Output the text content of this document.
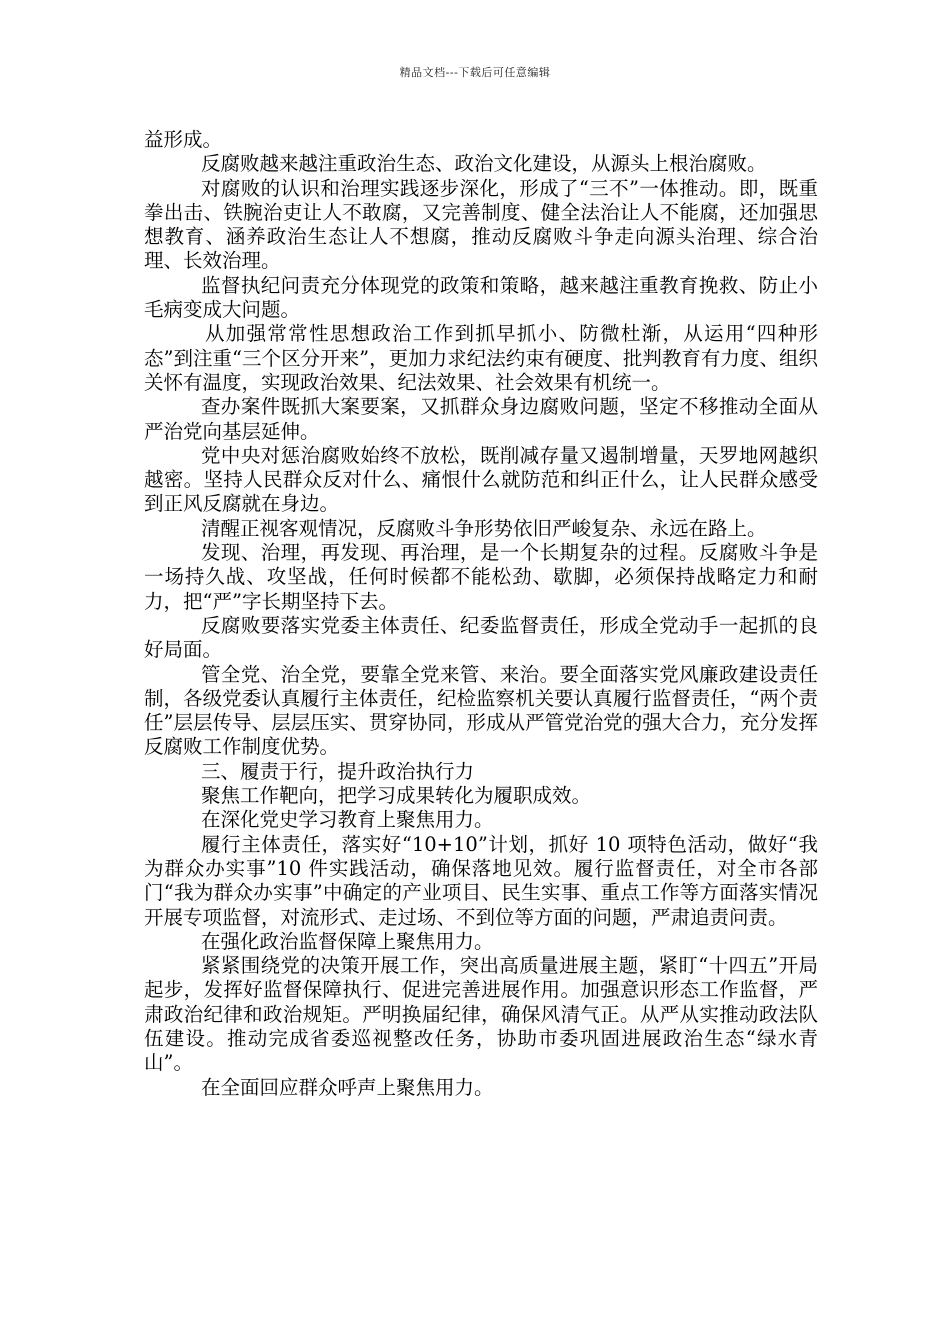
精品文档---下载后可任意编辑

益形成。

反腐败越来越注重政治生态、政治文化建设，从源头上根治腐败。

对腐败的认识和治理实践逐步深化，形成了“三不”一体推动。即，既重拳出击、铁腕治吏让人不敢腐，又完善制度、健全法治让人不能腐，还加强思想教育、涵养政治生态让人不想腐，推动反腐败斗争走向源头治理、综合治理、长效治理。

监督执纪问责充分体现党的政策和策略，越来越注重教育挽救、防止小毛病变成大问题。

从加强常常性思想政治工作到抓早抓小、防微杜渐，从运用“四种形态”到注重“三个区分开来”，更加力求纪法约束有硬度、批判教育有力度、组织关怀有温度，实现政治效果、纪法效果、社会效果有机统一。

查办案件既抓大案要案，又抓群众身边腐败问题，坚定不移推动全面从严治党向基层延伸。

党中央对惩治腐败始终不放松，既削减存量又遏制增量，天罗地网越织越密。坚持人民群众反对什么、痛恨什么就防范和纠正什么，让人民群众感受到正风反腐就在身边。

清醒正视客观情况，反腐败斗争形势依旧严峻复杂、永远在路上。

发现、治理，再发现、再治理，是一个长期复杂的过程。反腐败斗争是一场持久战、攻坚战，任何时候都不能松劲、歇脚，必须保持战略定力和耐力，把“严”字长期坚持下去。

反腐败要落实党委主体责任、纪委监督责任，形成全党动手一起抓的良好局面。

管全党、治全党，要靠全党来管、来治。要全面落实党风廉政建设责任制，各级党委认真履行主体责任，纪检监察机关要认真履行监督责任，“两个责任”层层传导、层层压实、贯穿协同，形成从严管党治党的强大合力，充分发挥反腐败工作制度优势。

三、履责于行，提升政治执行力

聚焦工作靶向，把学习成果转化为履职成效。

在深化党史学习教育上聚焦用力。

履行主体责任，落实好“10+10”计划，抓好 10 项特色活动，做好“我为群众办实事”10 件实践活动，确保落地见效。履行监督责任，对全市各部门“我为群众办实事”中确定的产业项目、民生实事、重点工作等方面落实情况开展专项监督，对流形式、走过场、不到位等方面的问题，严肃追责问责。

在强化政治监督保障上聚焦用力。

紧紧围绕党的决策开展工作，突出高质量进展主题，紧盯“十四五”开局起步，发挥好监督保障执行、促进完善进展作用。加强意识形态工作监督，严肃政治纪律和政治规矩。严明换届纪律，确保风清气正。从严从实推动政法队伍建设。推动完成省委巡视整改任务，协助市委巩固进展政治生态“绿水青山”。

在全面回应群众呼声上聚焦用力。
